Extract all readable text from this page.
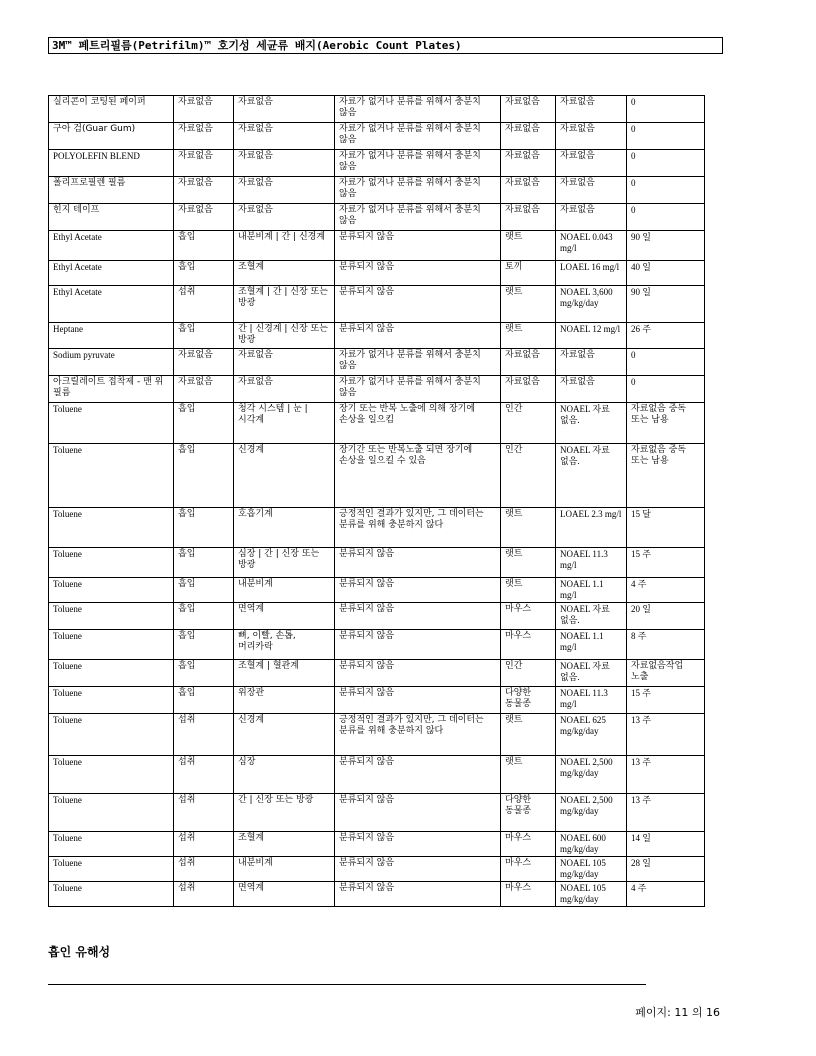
3M™ 페트리필름(Petrifilm)™ 호기성 세균류 배지(Aerobic Count Plates)
실리콘이 코팅된 페이퍼	자료없음	자료없음	자료가 없거나 분류를 위해서 충분치 않음	자료없음	자료없음	0
구아 검(Guar Gum)	자료없음	자료없음	자료가 없거나 분류를 위해서 충분치 않음	자료없음	자료없음	0
POLYOLEFIN BLEND	자료없음	자료없음	자료가 없거나 분류를 위해서 충분치 않음	자료없음	자료없음	0
폴리프로필렌 필름	자료없음	자료없음	자료가 없거나 분류를 위해서 충분치 않음	자료없음	자료없음	0
힌지 테이프	자료없음	자료없음	자료가 없거나 분류를 위해서 충분치 않음	자료없음	자료없음	0
Ethyl Acetate	흡입	내분비계 | 간 | 신경계	분류되지 않음	랫트	NOAEL 0.043 mg/l	90 일
Ethyl Acetate	흡입	조혈계	분류되지 않음	토끼	LOAEL 16 mg/l	40 일
Ethyl Acetate	섭취	조혈계 | 간 | 신장 또는 방광	분류되지 않음	랫트	NOAEL 3,600 mg/kg/day	90 일
Heptane	흡입	간 | 신경계 | 신장 또는 방광	분류되지 않음	랫트	NOAEL 12 mg/l	26 주
Sodium pyruvate	자료없음	자료없음	자료가 없거나 분류를 위해서 충분치 않음	자료없음	자료없음	0
아크릴레이트 접착제 - 맨 위 필름	자료없음	자료없음	자료가 없거나 분류를 위해서 충분치 않음	자료없음	자료없음	0
Toluene	흡입	청각 시스템 | 눈 | 시각계	장기 또는 반복 노출에 의해 장기에 손상을 일으킴	인간	NOAEL 자료 없음.	자료없음 중독 또는 남용
Toluene	흡입	신경계	장기간 또는 반복노출 되면 장기에 손상을 일으킬 수 있음	인간	NOAEL 자료 없음.	자료없음 중독 또는 남용
Toluene	흡입	호흡기계	긍정적인 결과가 있지만, 그 데이터는 분류를 위해 충분하지 않다	랫트	LOAEL 2.3 mg/l	15 달
Toluene	흡입	심장 | 간 | 신장 또는 방광	분류되지 않음	랫트	NOAEL 11.3 mg/l	15 주
Toluene	흡입	내분비계	분류되지 않음	랫트	NOAEL 1.1 mg/l	4 주
Toluene	흡입	면역계	분류되지 않음	마우스	NOAEL 자료 없음.	20 일
Toluene	흡입	뼈, 이빨, 손톱, 머리카락	분류되지 않음	마우스	NOAEL 1.1 mg/l	8 주
Toluene	흡입	조혈계 | 혈관계	분류되지 않음	인간	NOAEL 자료 없음.	자료없음작업 노출
Toluene	흡입	위장관	분류되지 않음	다양한 동물종	NOAEL 11.3 mg/l	15 주
Toluene	섭취	신경계	긍정적인 결과가 있지만, 그 데이터는 분류를 위해 충분하지 않다	랫트	NOAEL 625 mg/kg/day	13 주
Toluene	섭취	심장	분류되지 않음	랫트	NOAEL 2,500 mg/kg/day	13 주
Toluene	섭취	간 | 신장 또는 방광	분류되지 않음	다양한 동물종	NOAEL 2,500 mg/kg/day	13 주
Toluene	섭취	조혈계	분류되지 않음	마우스	NOAEL 600 mg/kg/day	14 일
Toluene	섭취	내분비계	분류되지 않음	마우스	NOAEL 105 mg/kg/day	28 일
Toluene	섭취	면역계	분류되지 않음	마우스	NOAEL 105 mg/kg/day	4 주
흡인 유해성
페이지: 11 의 16
